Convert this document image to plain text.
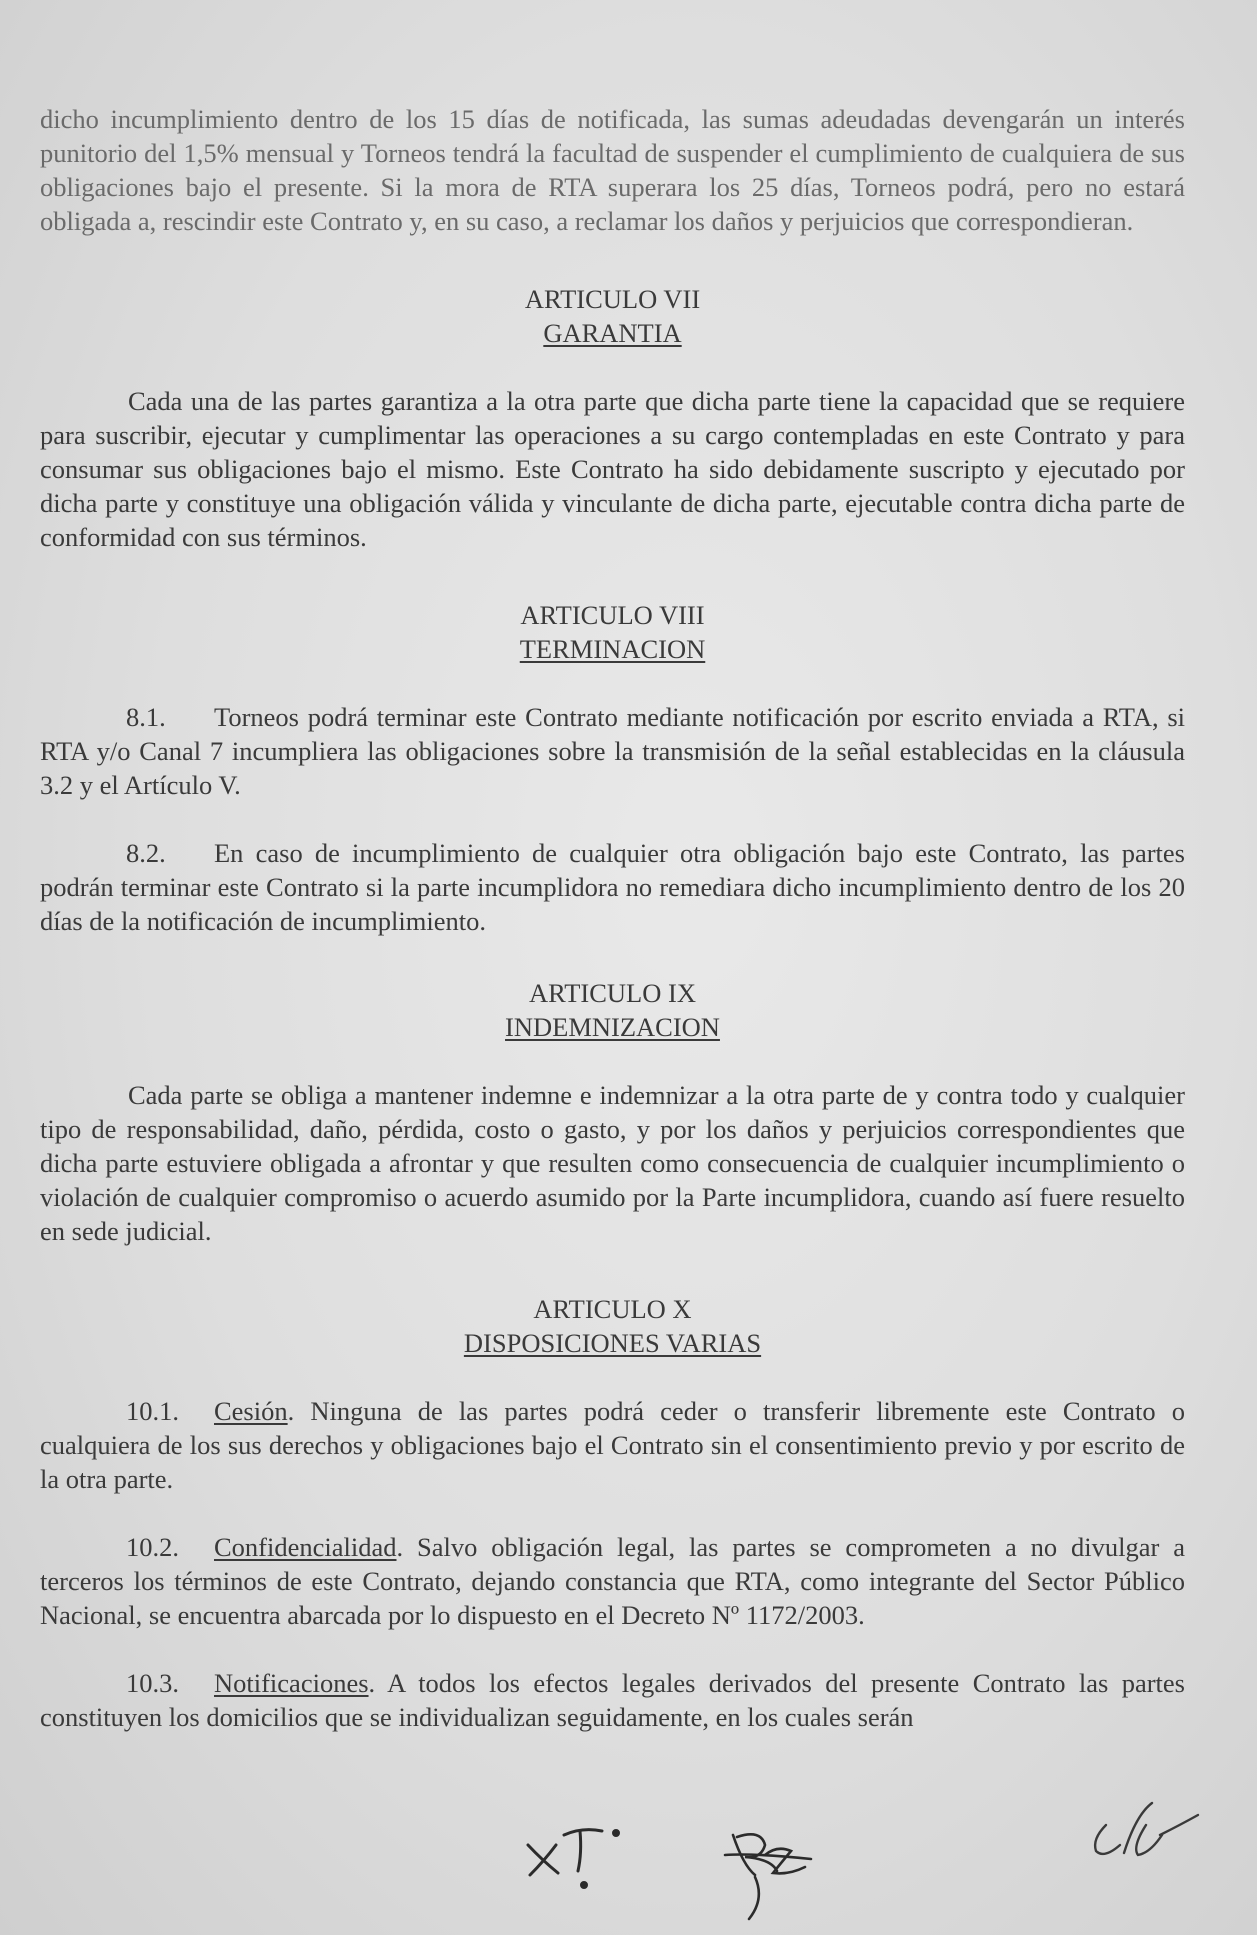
dicho incumplimiento dentro de los 15 días de notificada, las sumas adeudadas devengarán un interés punitorio del 1,5% mensual y Torneos tendrá la facultad de suspender el cumplimiento de cualquiera de sus obligaciones bajo el presente. Si la mora de RTA superara los 25 días, Torneos podrá, pero no estará obligada a, rescindir este Contrato y, en su caso, a reclamar los daños y perjuicios que correspondieran.

ARTICULO VII
GARANTIA

Cada una de las partes garantiza a la otra parte que dicha parte tiene la capacidad que se requiere para suscribir, ejecutar y cumplimentar las operaciones a su cargo contempladas en este Contrato y para consumar sus obligaciones bajo el mismo. Este Contrato ha sido debidamente suscripto y ejecutado por dicha parte y constituye una obligación válida y vinculante de dicha parte, ejecutable contra dicha parte de conformidad con sus términos.

ARTICULO VIII
TERMINACION

8.1. Torneos podrá terminar este Contrato mediante notificación por escrito enviada a RTA, si RTA y/o Canal 7 incumpliera las obligaciones sobre la transmisión de la señal establecidas en la cláusula 3.2 y el Artículo V.

8.2. En caso de incumplimiento de cualquier otra obligación bajo este Contrato, las partes podrán terminar este Contrato si la parte incumplidora no remediara dicho incumplimiento dentro de los 20 días de la notificación de incumplimiento.

ARTICULO IX
INDEMNIZACION

Cada parte se obliga a mantener indemne e indemnizar a la otra parte de y contra todo y cualquier tipo de responsabilidad, daño, pérdida, costo o gasto, y por los daños y perjuicios correspondientes que dicha parte estuviere obligada a afrontar y que resulten como consecuencia de cualquier incumplimiento o violación de cualquier compromiso o acuerdo asumido por la Parte incumplidora, cuando así fuere resuelto en sede judicial.

ARTICULO X
DISPOSICIONES VARIAS

10.1. Cesión. Ninguna de las partes podrá ceder o transferir libremente este Contrato o cualquiera de los sus derechos y obligaciones bajo el Contrato sin el consentimiento previo y por escrito de la otra parte.

10.2. Confidencialidad. Salvo obligación legal, las partes se comprometen a no divulgar a terceros los términos de este Contrato, dejando constancia que RTA, como integrante del Sector Público Nacional, se encuentra abarcada por lo dispuesto en el Decreto Nº 1172/2003.

10.3. Notificaciones. A todos los efectos legales derivados del presente Contrato las partes constituyen los domicilios que se individualizan seguidamente, en los cuales serán
